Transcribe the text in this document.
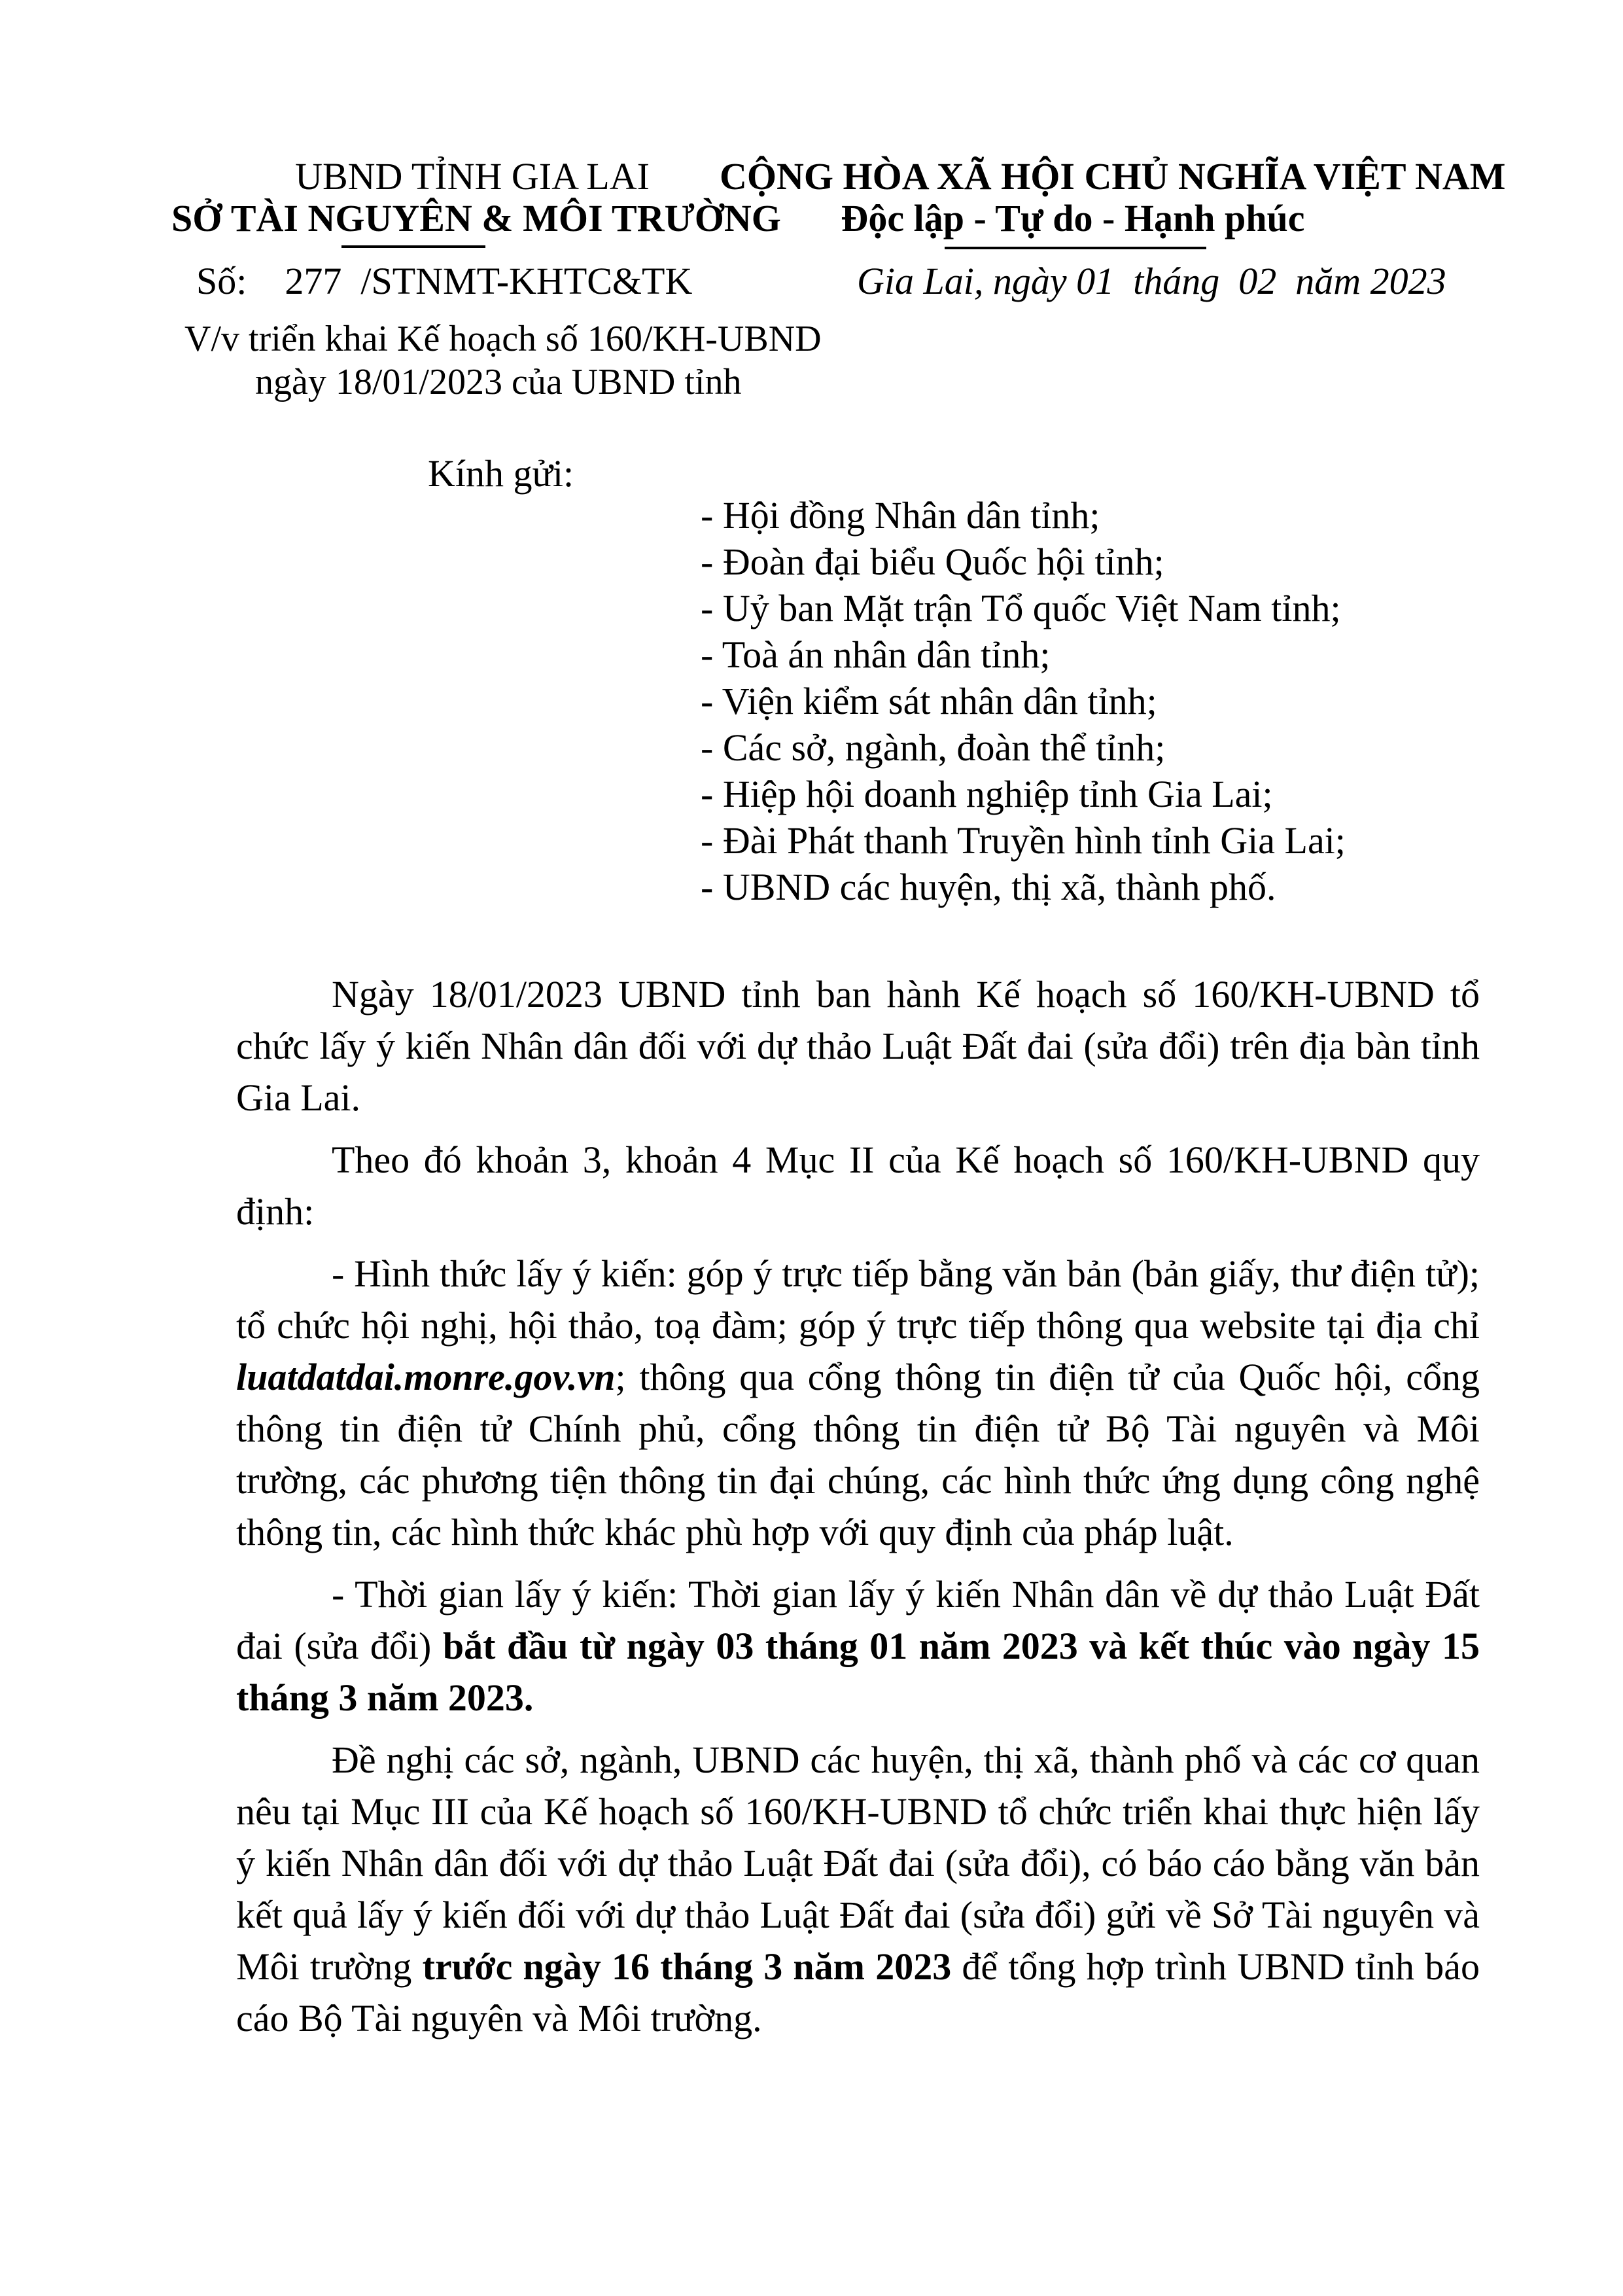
UBND TỈNH GIA LAI
SỞ TÀI NGUYÊN & MÔI TRƯỜNG
CỘNG HÒA XÃ HỘI CHỦ NGHĨA VIỆT NAM
Độc lập - Tự do - Hạnh phúc
Số: 277 /STNMT-KHTC&TK	Gia Lai, ngày 01  tháng  02  năm 2023
V/v triển khai Kế hoạch số 160/KH-UBND
ngày 18/01/2023 của UBND tỉnh
Kính gửi:
- Hội đồng Nhân dân tỉnh;
- Đoàn đại biểu Quốc hội tỉnh;
- Uỷ ban Mặt trận Tổ quốc Việt Nam tỉnh;
- Toà án nhân dân tỉnh;
- Viện kiểm sát nhân dân tỉnh;
- Các sở, ngành, đoàn thể tỉnh;
- Hiệp hội doanh nghiệp tỉnh Gia Lai;
- Đài Phát thanh Truyền hình tỉnh Gia Lai;
- UBND các huyện, thị xã, thành phố.

Ngày 18/01/2023 UBND tỉnh ban hành Kế hoạch số 160/KH-UBND tổ chức lấy ý kiến Nhân dân đối với dự thảo Luật Đất đai (sửa đổi) trên địa bàn tỉnh Gia Lai.

Theo đó khoản 3, khoản 4 Mục II của Kế hoạch số 160/KH-UBND quy định:

- Hình thức lấy ý kiến: góp ý trực tiếp bằng văn bản (bản giấy, thư điện tử); tổ chức hội nghị, hội thảo, toạ đàm; góp ý trực tiếp thông qua website tại địa chỉ luatdatdai.monre.gov.vn; thông qua cổng thông tin điện tử của Quốc hội, cổng thông tin điện tử Chính phủ, cổng thông tin điện tử Bộ Tài nguyên và Môi trường, các phương tiện thông tin đại chúng, các hình thức ứng dụng công nghệ thông tin, các hình thức khác phù hợp với quy định của pháp luật.

- Thời gian lấy ý kiến: Thời gian lấy ý kiến Nhân dân về dự thảo Luật Đất đai (sửa đổi) bắt đầu từ ngày 03 tháng 01 năm 2023 và kết thúc vào ngày 15 tháng 3 năm 2023.

Đề nghị các sở, ngành, UBND các huyện, thị xã, thành phố và các cơ quan nêu tại Mục III của Kế hoạch số 160/KH-UBND tổ chức triển khai thực hiện lấy ý kiến Nhân dân đối với dự thảo Luật Đất đai (sửa đổi), có báo cáo bằng văn bản kết quả lấy ý kiến đối với dự thảo Luật Đất đai (sửa đổi) gửi về Sở Tài nguyên và Môi trường trước ngày 16 tháng 3 năm 2023 để tổng hợp trình UBND tỉnh báo cáo Bộ Tài nguyên và Môi trường.
